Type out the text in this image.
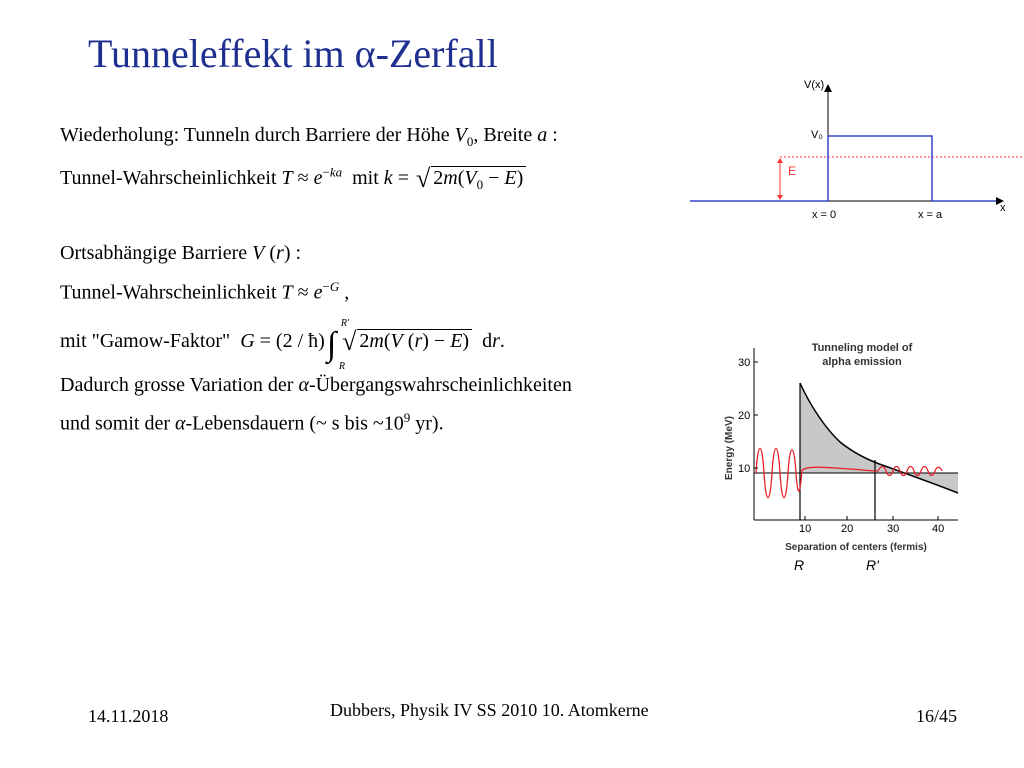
Tunneleffekt im α-Zerfall
Wiederholung: Tunneln durch Barriere der Höhe $V_0$, Breite a :
Tunnel-Wahrscheinlichkeit $T \approx e^{-ka}$ mit k = √ $2m(V_0 - E)$
Ortsabhängige Barriere V (r) :
Tunnel-Wahrscheinlichkeit $T \approx e^{-G}$ ,
mit "Gamow-Faktor"  G = (2 / ħ)∫
R'
R
√ 2m(V (r) − E)  dr.
Dadurch grosse Variation der α-Übergangswahrscheinlichkeiten
und somit der α-Lebensdauern (~ s bis $\sim 10^9$ yr).
V(x)
V₀
E
x = 0	x = a
x
30
20
10
10	20	30	40
Tunneling model of
alpha emission
Energy (MeV)
Separation of centers (fermis)
R	R'
14.11.2018	Dubbers, Physik IV SS 2010 10. Atomkerne	16/45
